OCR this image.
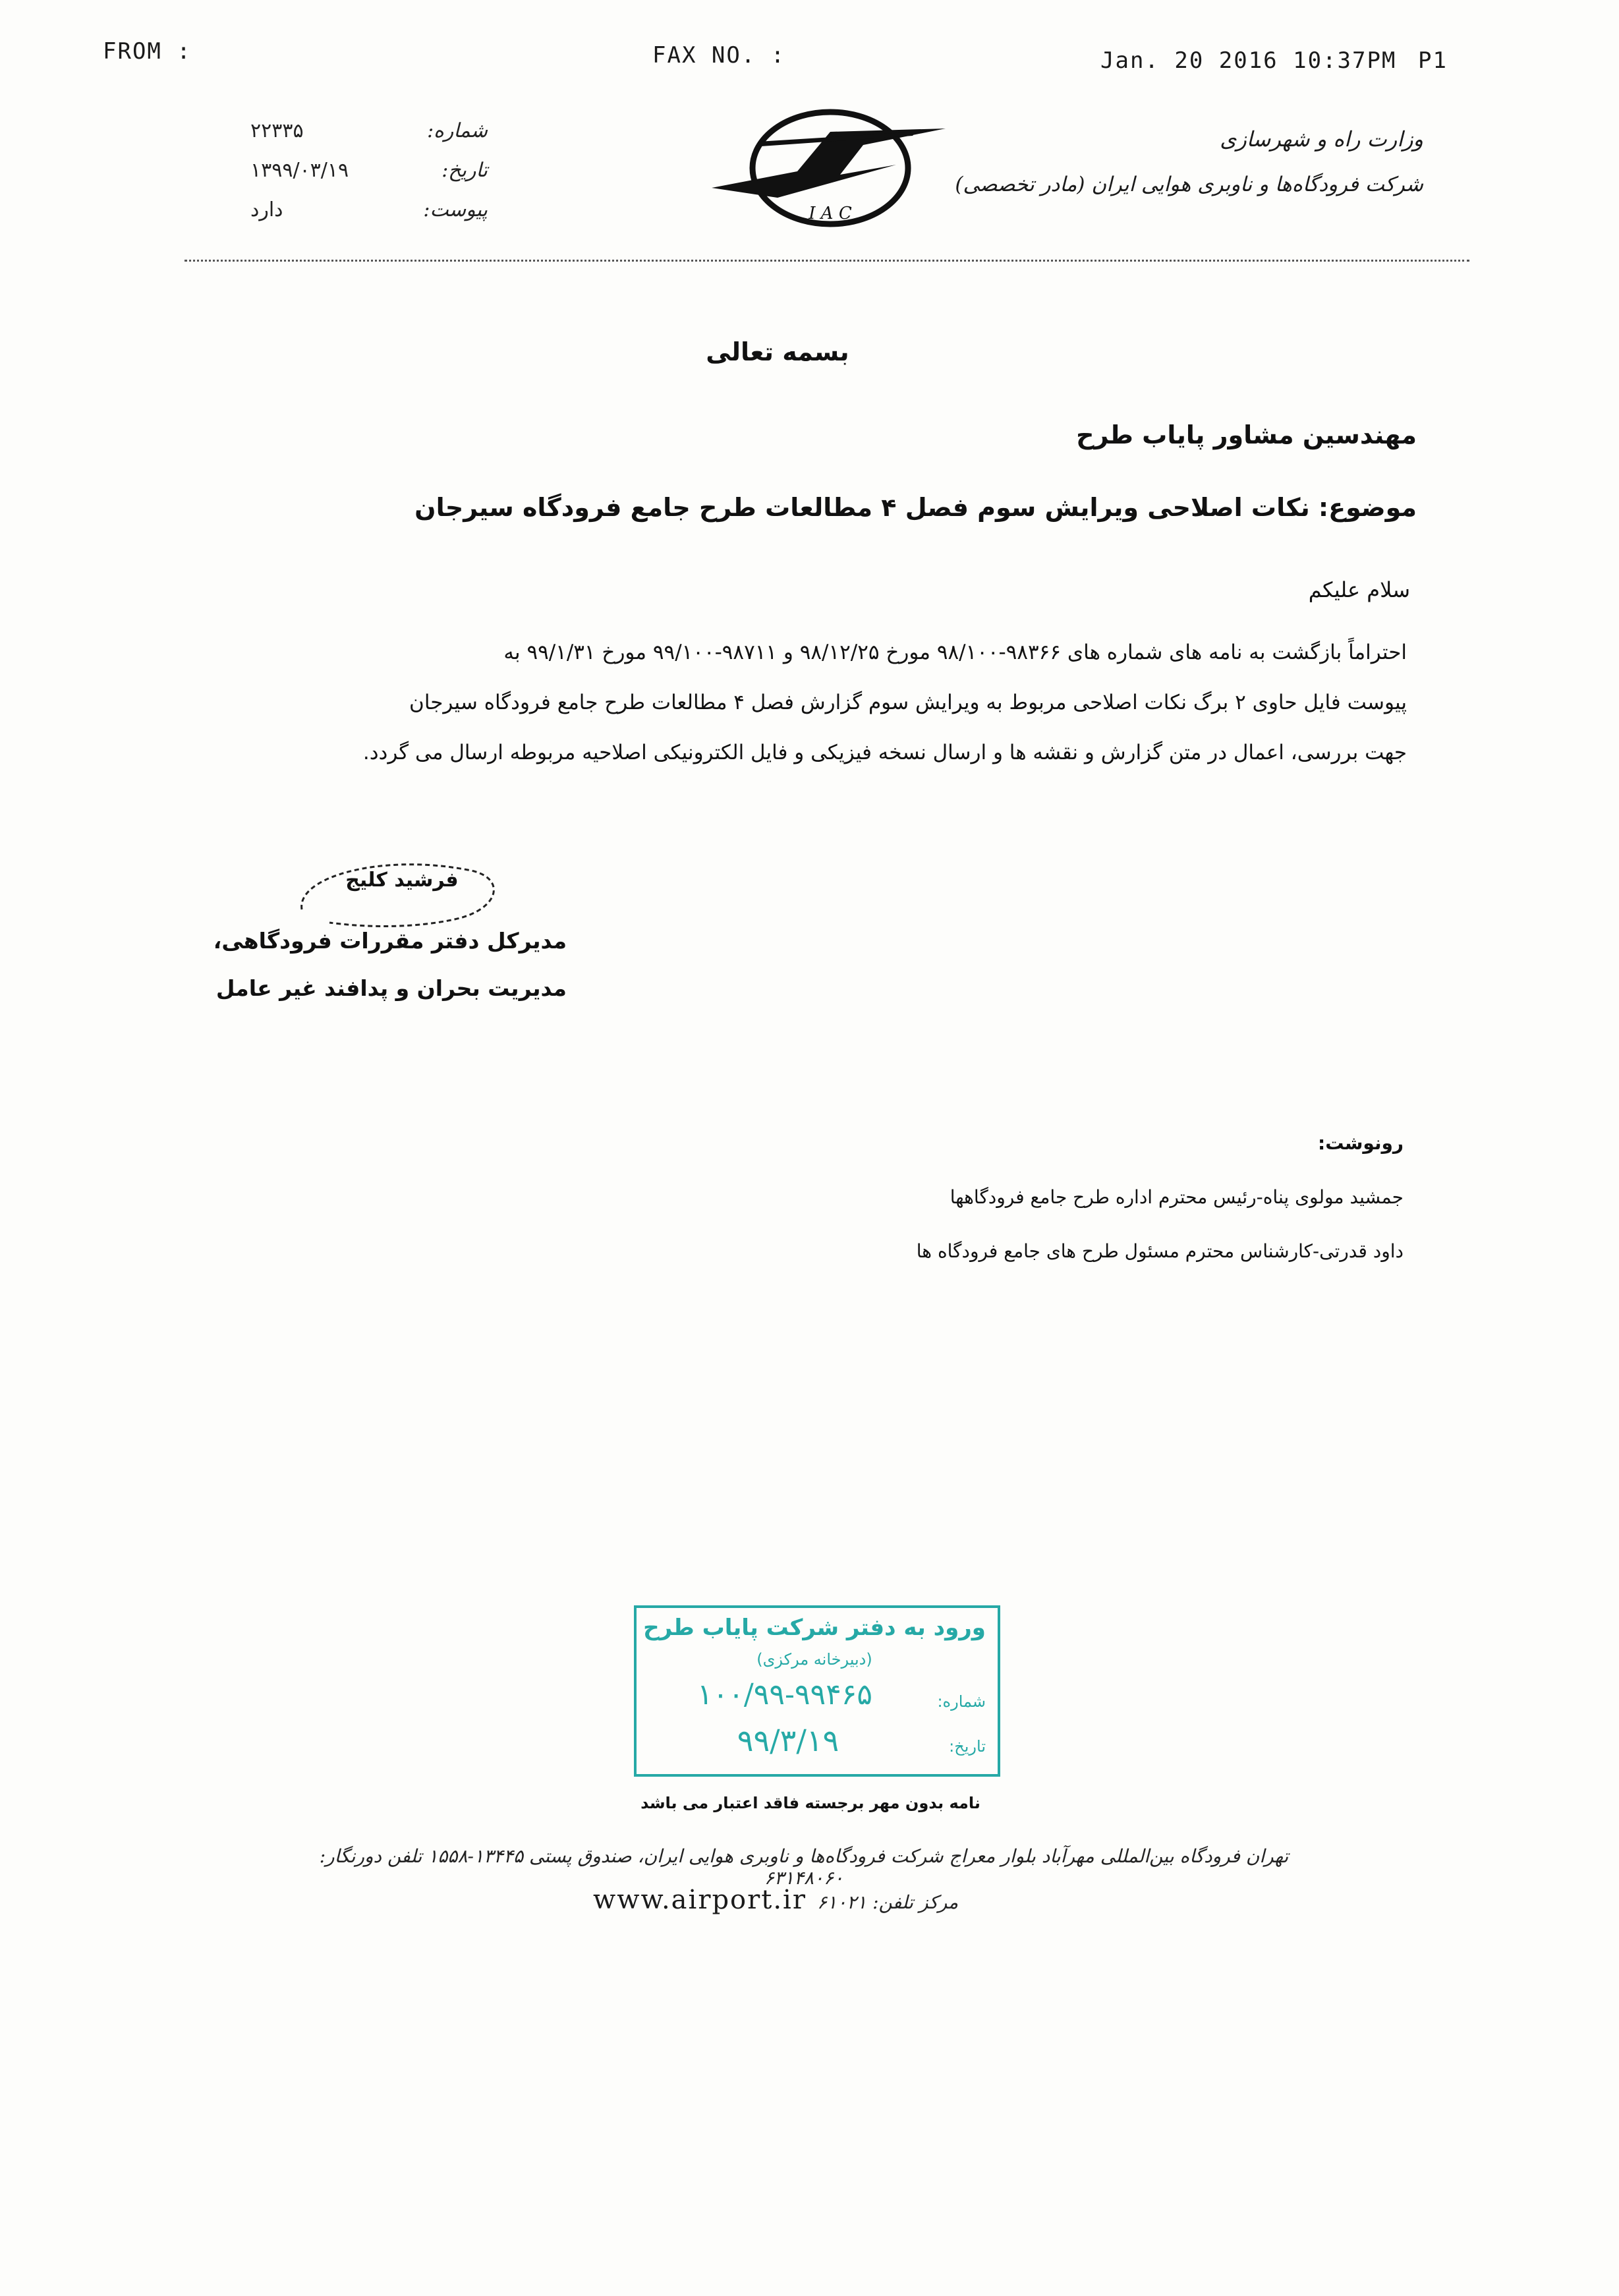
FROM :	FAX NO. :	Jan. 20 2016 10:37PM P1
شماره:
۲۲۳۳۵
تاریخ:
۱۳۹۹/۰۳/۱۹
پیوست:
دارد	I A C
وزارت راه و شهرسازی
شرکت فرودگاه‌ها و ناوبری هوایی ایران (مادر تخصصی)
بسمه تعالی
مهندسین مشاور پایاب طرح
موضوع: نکات اصلاحی ویرایش سوم فصل ۴ مطالعات طرح جامع فرودگاه سیرجان
سلام علیکم
احتراماً بازگشت به نامه های شماره های ۹۸۳۶۶-۹۸/۱۰۰ مورخ ۹۸/۱۲/۲۵ و ۹۸۷۱۱-۹۹/۱۰۰ مورخ ۹۹/۱/۳۱ به
پیوست فایل حاوی ۲ برگ نکات اصلاحی مربوط به ویرایش سوم گزارش فصل ۴ مطالعات طرح جامع فرودگاه سیرجان
جهت بررسی، اعمال در متن گزارش و نقشه ها و ارسال نسخه فیزیکی و فایل الکترونیکی اصلاحیه مربوطه ارسال می گردد.
فرشید کلیج
مدیرکل دفتر مقررات فرودگاهی،
مدیریت بحران و پدافند غیر عامل
رونوشت:
جمشید مولوی پناه-رئیس محترم اداره طرح جامع فرودگاهها
داود قدرتی-کارشناس محترم مسئول طرح های جامع فرودگاه ها
ورود به دفتر شرکت پایاب طرح
(دبیرخانه مرکزی)
شماره:
۱۰۰/۹۹-۹۹۴۶۵
تاریخ:
۹۹/۳/۱۹
نامه بدون مهر برجسته فاقد اعتبار می باشد
تهران فرودگاه بین‌المللی مهرآباد بلوار معراج شرکت فرودگاه‌ها و ناوبری هوایی ایران، صندوق پستی ۱۳۴۴۵-۱۵۵۸ تلفن دورنگار: ۶۳۱۴۸۰۶۰
www.airport.ir مرکز تلفن: ۶۱۰۲۱
